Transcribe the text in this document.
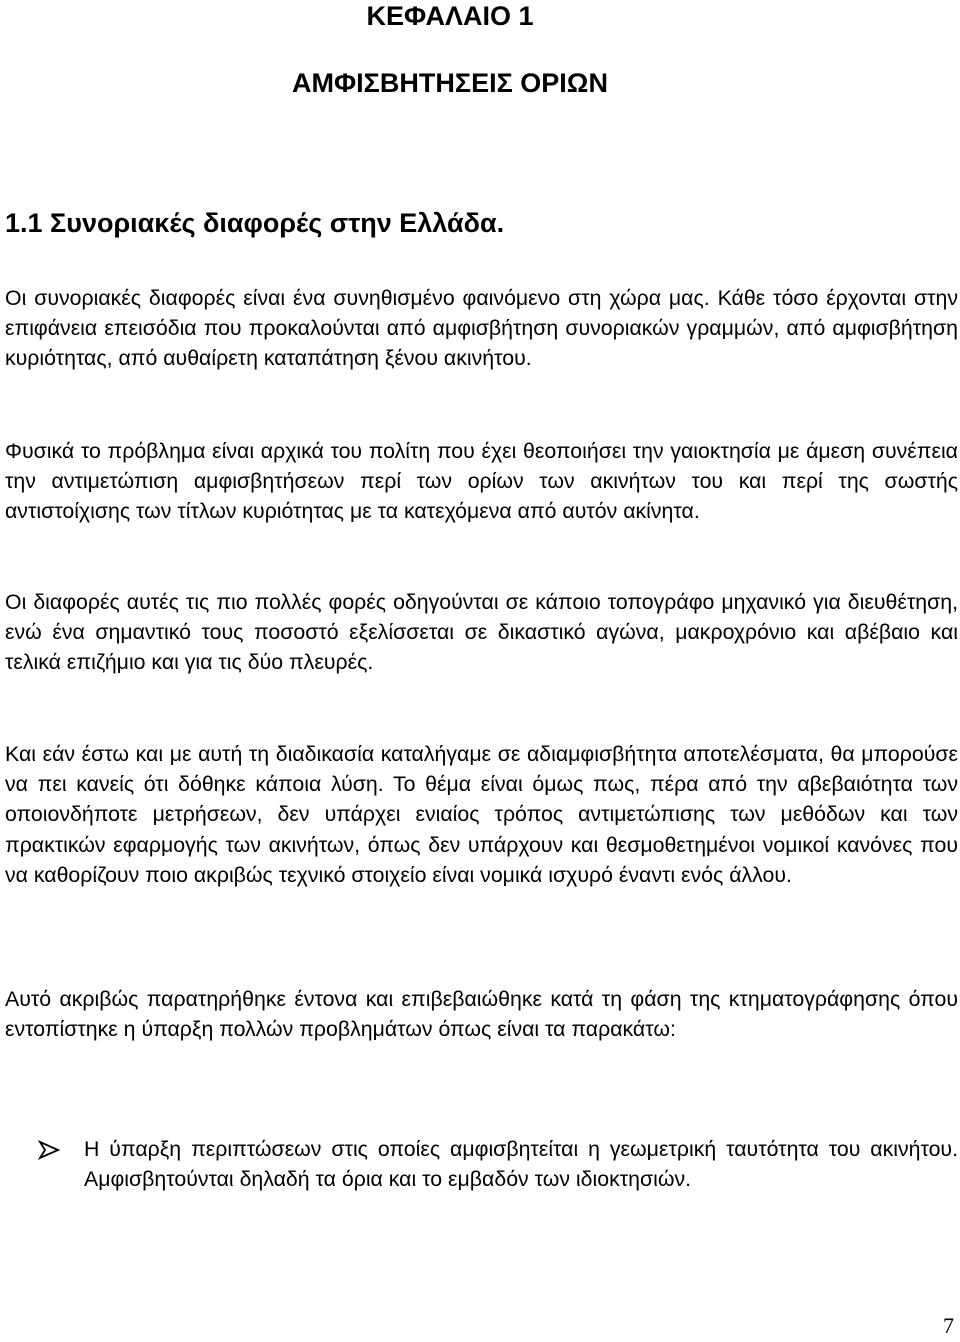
ΚΕΦΑΛΑΙΟ 1
ΑΜΦΙΣΒΗΤΗΣΕΙΣ ΟΡΙΩΝ
1.1 Συνοριακές διαφορές στην Ελλάδα.

Οι συνοριακές διαφορές είναι ένα συνηθισμένο φαινόμενο στη χώρα μας. Κάθε τόσο έρχονται στην επιφάνεια επεισόδια που προκαλούνται από αμφισβήτηση συνοριακών γραμμών, από αμφισβήτηση κυριότητας, από αυθαίρετη καταπάτηση ξένου ακινήτου.

Φυσικά το πρόβλημα είναι αρχικά του πολίτη που έχει θεοποιήσει την γαιοκτησία με άμεση συνέπεια την αντιμετώπιση αμφισβητήσεων περί των ορίων των ακινήτων του και περί της σωστής αντιστοίχισης των τίτλων κυριότητας με τα κατεχόμενα από αυτόν ακίνητα.

Οι διαφορές αυτές τις πιο πολλές φορές οδηγούνται σε κάποιο τοπογράφο μηχανικό για διευθέτηση, ενώ ένα σημαντικό τους ποσοστό εξελίσσεται σε δικαστικό αγώνα, μακροχρόνιο και αβέβαιο και τελικά επιζήμιο και για τις δύο πλευρές.

Και εάν έστω και με αυτή τη διαδικασία καταλήγαμε σε αδιαμφισβήτητα αποτελέσματα, θα μπορούσε να πει κανείς ότι δόθηκε κάποια λύση. Το θέμα είναι όμως πως, πέρα από την αβεβαιότητα των οποιονδήποτε μετρήσεων, δεν υπάρχει ενιαίος τρόπος αντιμετώπισης των μεθόδων και των πρακτικών εφαρμογής των ακινήτων, όπως δεν υπάρχουν και θεσμοθετημένοι νομικοί κανόνες που να καθορίζουν ποιο ακριβώς τεχνικό στοιχείο είναι νομικά ισχυρό έναντι ενός άλλου.

Αυτό ακριβώς παρατηρήθηκε έντονα και επιβεβαιώθηκε κατά τη φάση της κτηματογράφησης όπου εντοπίστηκε η ύπαρξη πολλών προβλημάτων όπως είναι τα παρακάτω:

Η ύπαρξη περιπτώσεων στις οποίες αμφισβητείται η γεωμετρική ταυτότητα του ακινήτου. Αμφισβητούνται δηλαδή τα όρια και το εμβαδόν των ιδιοκτησιών.

7
